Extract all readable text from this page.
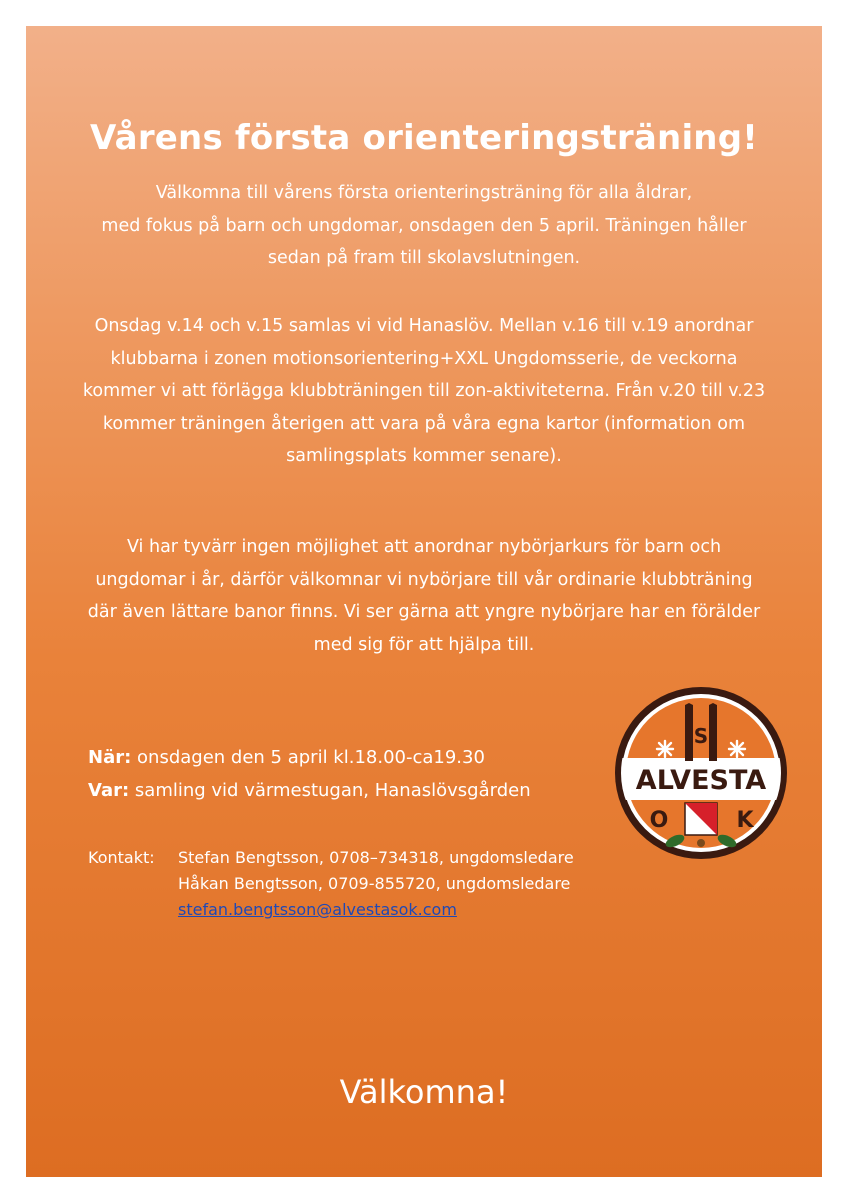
Vårens första orienteringsträning!

Välkomna till vårens första orienteringsträning för alla åldrar,
med fokus på barn och ungdomar, onsdagen den 5 april. Träningen håller
sedan på fram till skolavslutningen.

Onsdag v.14 och v.15 samlas vi vid Hanaslöv. Mellan v.16 till v.19 anordnar
klubbarna i zonen motionsorientering+XXL Ungdomsserie, de veckorna
kommer vi att förlägga klubbträningen till zon-aktiviteterna. Från v.20 till v.23
kommer träningen återigen att vara på våra egna kartor (information om
samlingsplats kommer senare).

Vi har tyvärr ingen möjlighet att anordnar nybörjarkurs för barn och
ungdomar i år, därför välkomnar vi nybörjare till vår ordinarie klubbträning
där även lättare banor finns. Vi ser gärna att yngre nybörjare har en förälder
med sig för att hjälpa till.

När: onsdagen den 5 april kl.18.00-ca19.30
Var: samling vid värmestugan, Hanaslövsgården
Kontakt: Stefan Bengtsson, 0708–734318, ungdomsledare
Håkan Bengtsson, 0709-855720, ungdomsledare
stefan.bengtsson@alvestasok.com
S
ALVESTA
O	K

Välkomna!
